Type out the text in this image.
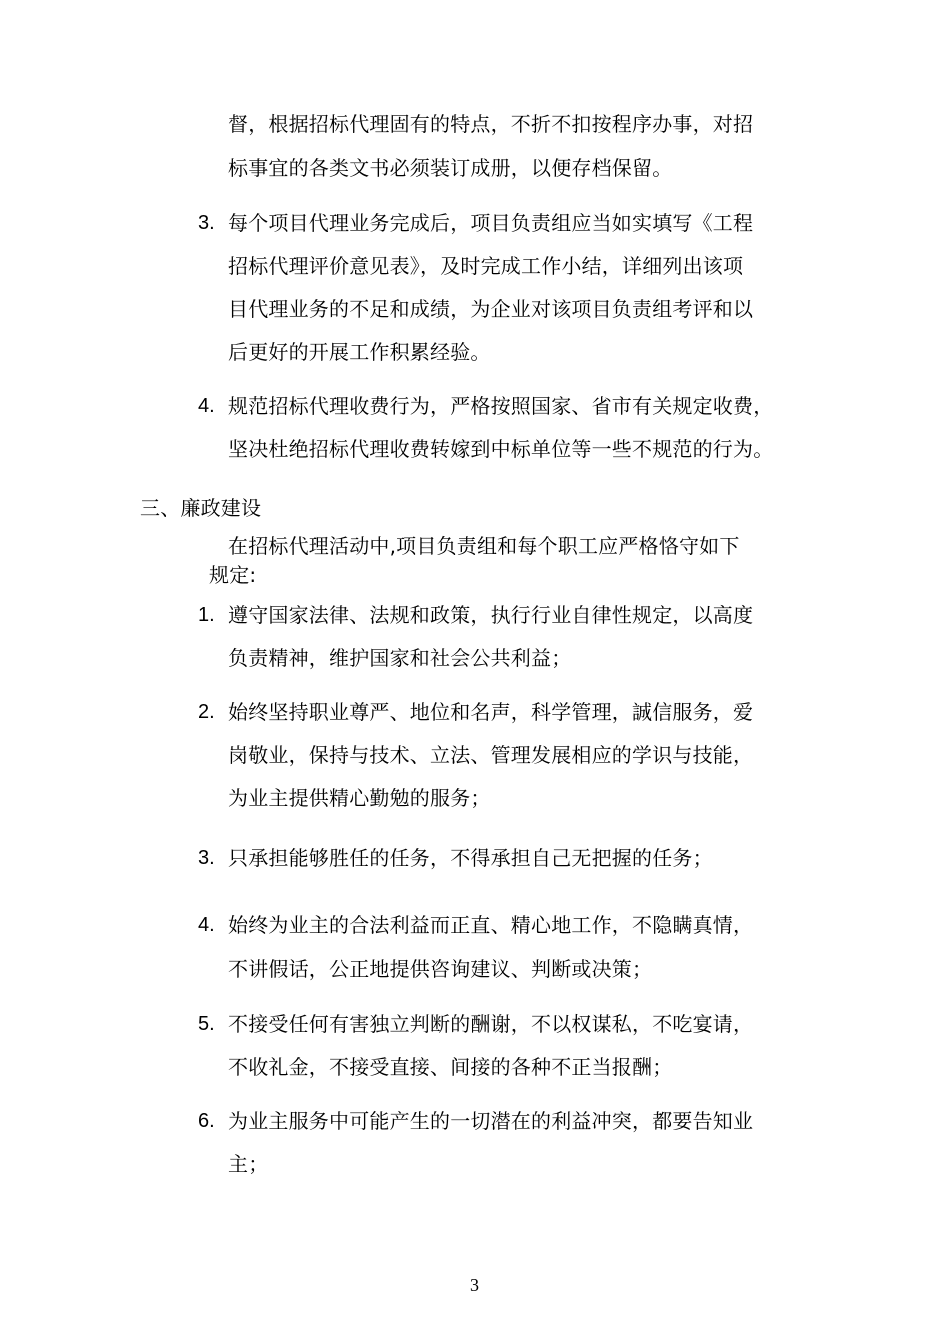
督，根据招标代理固有的特点，不折不扣按程序办事，对招
标事宜的各类文书必须装订成册，以便存档保留。
3. 每个项目代理业务完成后，项目负责组应当如实填写《工程
招标代理评价意见表》，及时完成工作小结，详细列出该项
目代理业务的不足和成绩，为企业对该项目负责组考评和以
后更好的开展工作积累经验。
4. 规范招标代理收费行为，严格按照国家、省市有关规定收费，
坚决杜绝招标代理收费转嫁到中标单位等一些不规范的行为。
三、廉政建设
在招标代理活动中,项目负责组和每个职工应严格恪守如下
规定:
1. 遵守国家法律、法规和政策，执行行业自律性规定，以高度
负责精神，维护国家和社会公共利益；
2. 始终坚持职业尊严、地位和名声，科学管理，誠信服务，爱
岗敬业，保持与技术、立法、管理发展相应的学识与技能，
为业主提供精心勤勉的服务；
3. 只承担能够胜任的任务，不得承担自己无把握的任务；
4. 始终为业主的合法利益而正直、精心地工作，不隐瞒真情，
不讲假话，公正地提供咨询建议、判断或决策；
5. 不接受任何有害独立判断的酬谢，不以权谋私，不吃宴请，
不收礼金，不接受直接、间接的各种不正当报酬；
6. 为业主服务中可能产生的一切潜在的利益冲突，都要告知业
主；
3
